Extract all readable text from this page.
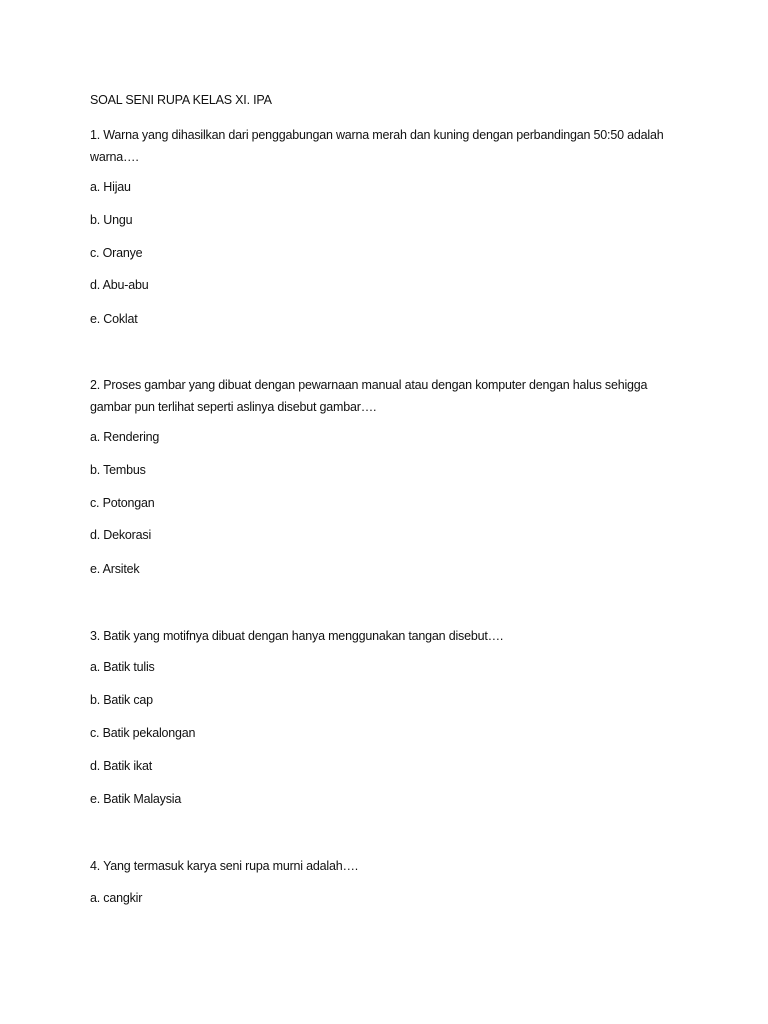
SOAL SENI RUPA KELAS XI. IPA
1. Warna yang dihasilkan dari penggabungan warna merah dan kuning dengan perbandingan 50:50 adalah warna….
a. Hijau
b. Ungu
c. Oranye
d. Abu-abu
e. Coklat
2. Proses gambar yang dibuat dengan pewarnaan manual atau dengan komputer dengan halus sehigga gambar pun terlihat seperti aslinya disebut gambar….
a. Rendering
b. Tembus
c. Potongan
d. Dekorasi
e. Arsitek
3. Batik yang motifnya dibuat dengan hanya menggunakan tangan disebut….
a. Batik tulis
b. Batik cap
c. Batik pekalongan
d. Batik ikat
e. Batik Malaysia
4. Yang termasuk karya seni rupa murni adalah….
a. cangkir
